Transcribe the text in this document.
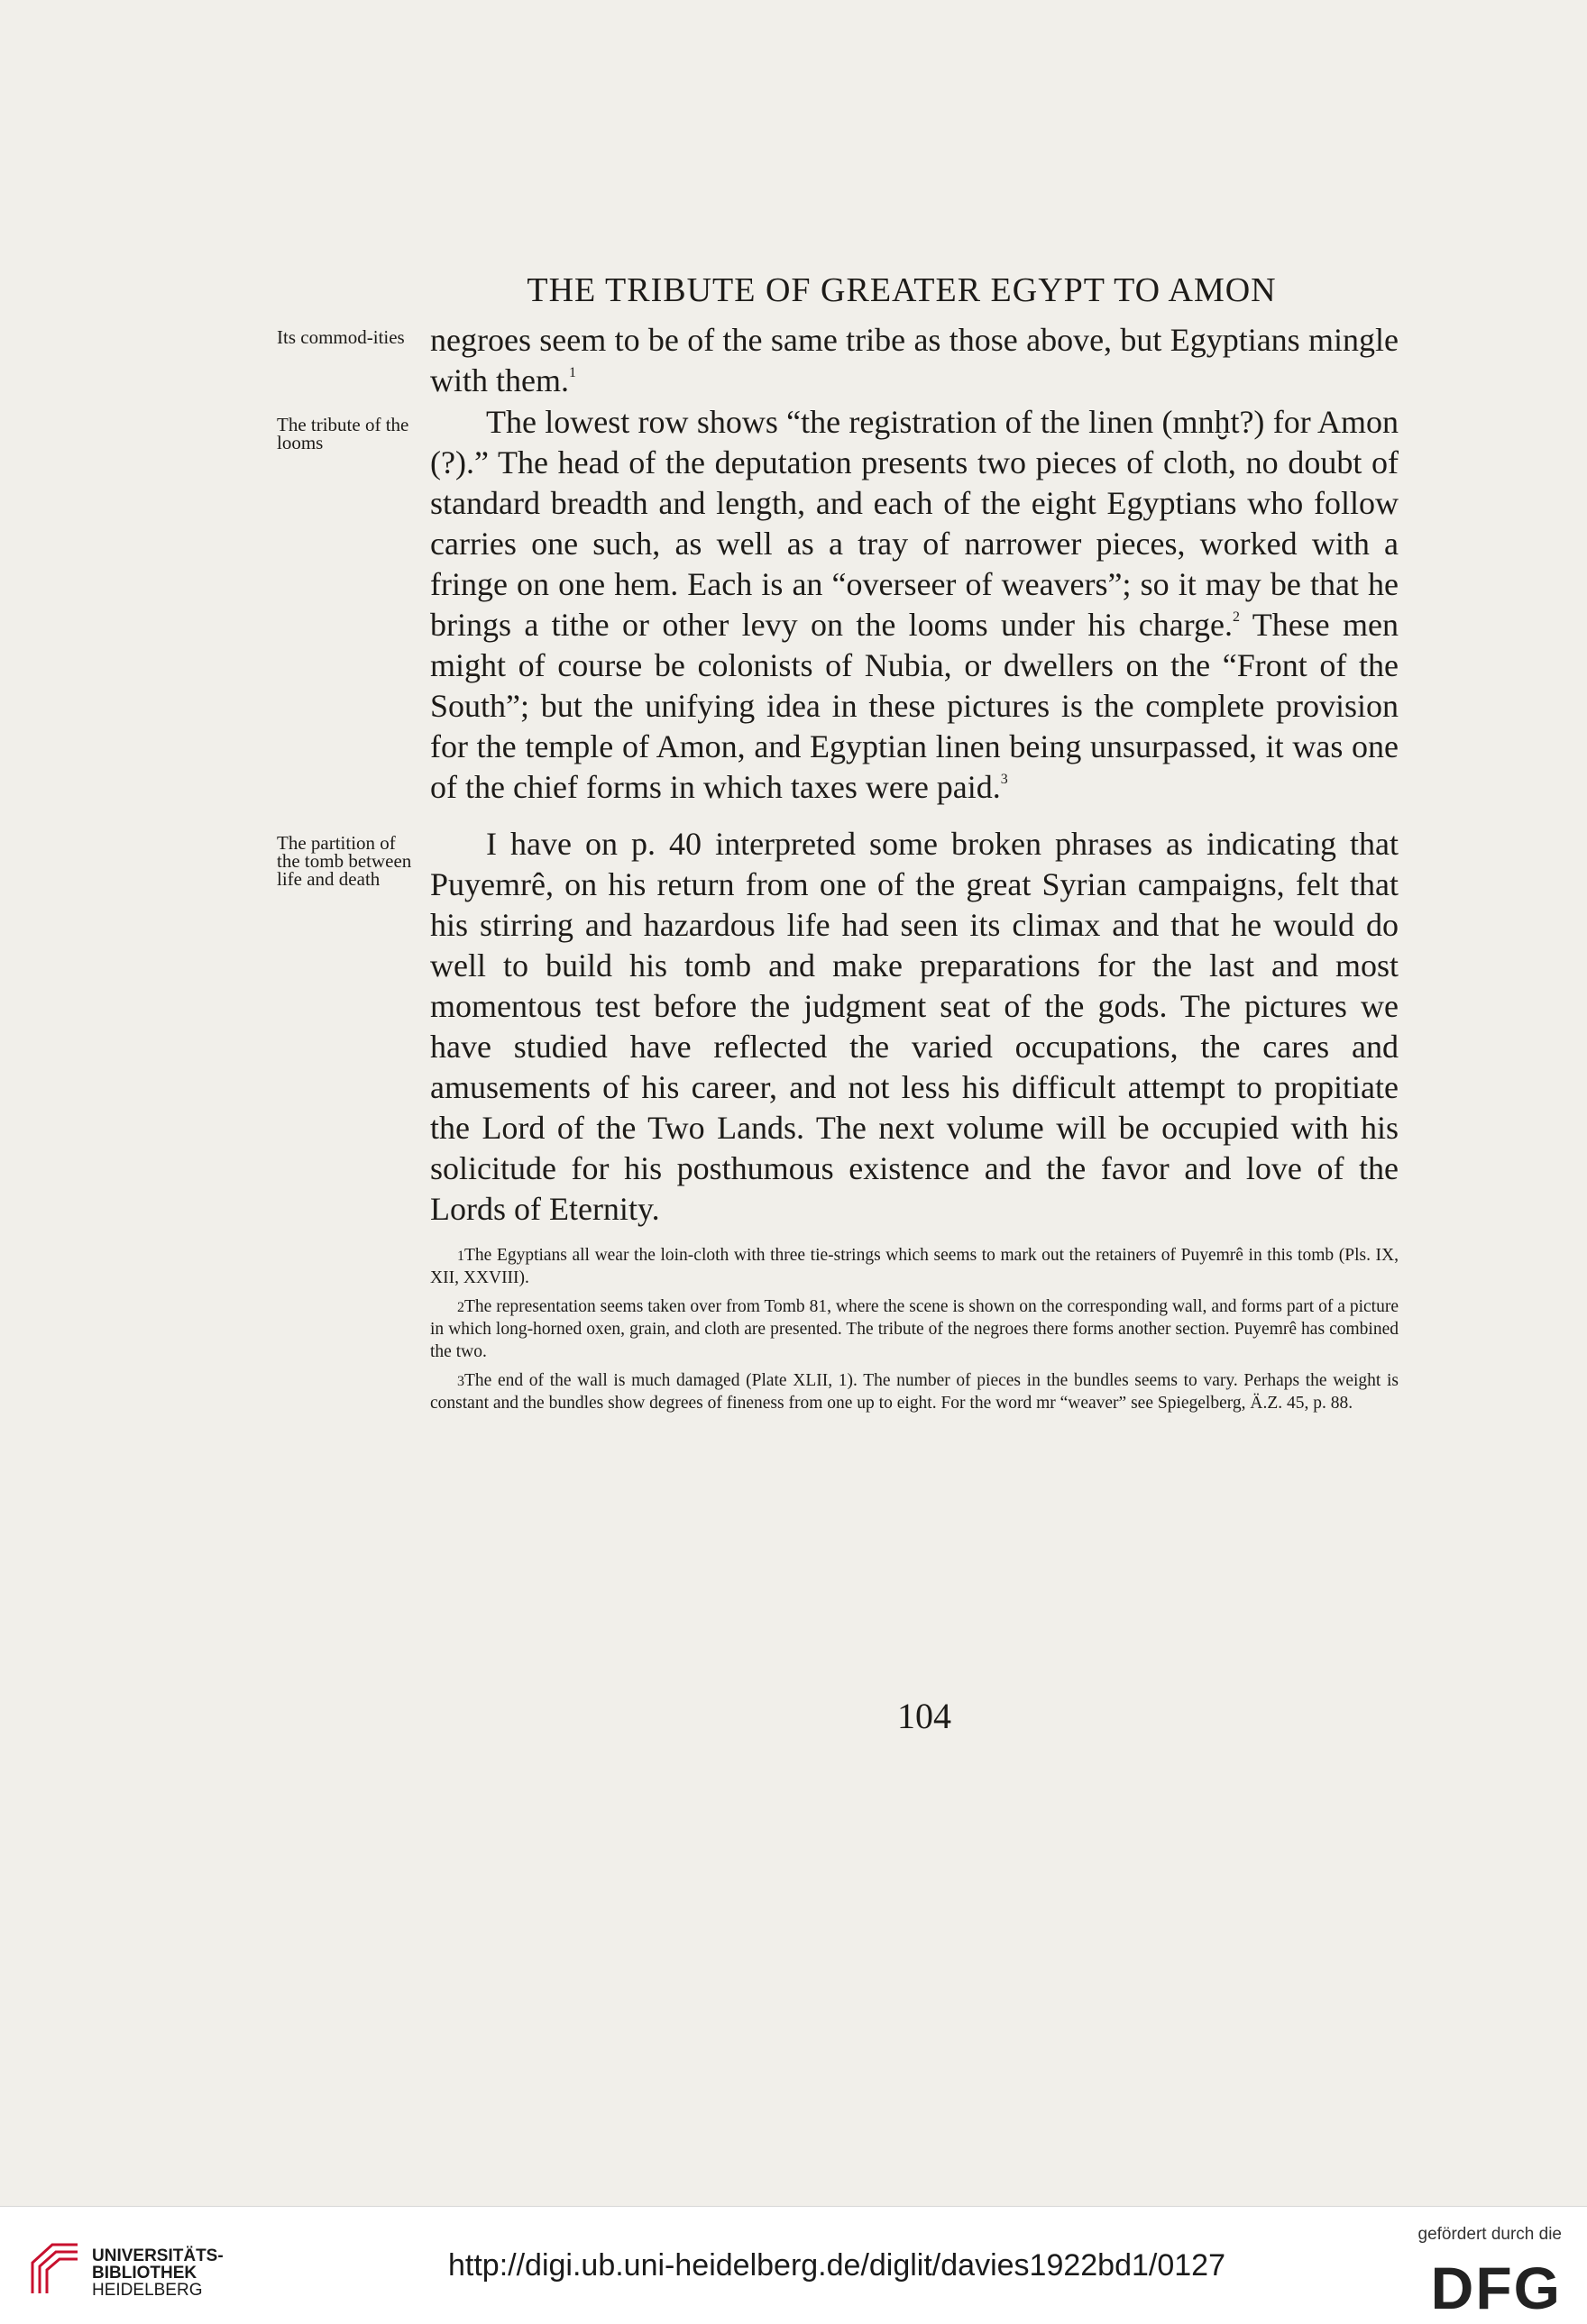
THE TRIBUTE OF GREATER EGYPT TO AMON
Its commod-ities
The tribute of the looms
The partition of the tomb between life and death

negroes seem to be of the same tribe as those above, but Egyptians mingle with them.$^1$

The lowest row shows “the registration of the linen (mnḫt?) for Amon (?).” The head of the deputation presents two pieces of cloth, no doubt of standard breadth and length, and each of the eight Egyptians who follow carries one such, as well as a tray of narrower pieces, worked with a fringe on one hem. Each is an “overseer of weavers”; so it may be that he brings a tithe or other levy on the looms under his charge.$^2$ These men might of course be colonists of Nubia, or dwellers on the “Front of the South”; but the unifying idea in these pictures is the complete provision for the temple of Amon, and Egyptian linen being unsurpassed, it was one of the chief forms in which taxes were paid.$^3$

I have on p. 40 interpreted some broken phrases as indicating that Puyemrê, on his return from one of the great Syrian campaigns, felt that his stirring and hazardous life had seen its climax and that he would do well to build his tomb and make preparations for the last and most momentous test before the judgment seat of the gods. The pictures we have studied have reflected the varied occupations, the cares and amusements of his career, and not less his difficult attempt to propitiate the Lord of the Two Lands. The next volume will be occupied with his solicitude for his posthumous existence and the favor and love of the Lords of Eternity.

$^1$The Egyptians all wear the loin-cloth with three tie-strings which seems to mark out the retainers of Puyemrê in this tomb (Pls. IX, XII, XXVIII).

$^2$The representation seems taken over from Tomb 81, where the scene is shown on the corresponding wall, and forms part of a picture in which long-horned oxen, grain, and cloth are presented. The tribute of the negroes there forms another section. Puyemrê has combined the two.

$^3$The end of the wall is much damaged (Plate XLII, 1). The number of pieces in the bundles seems to vary. Perhaps the weight is constant and the bundles show degrees of fineness from one up to eight. For the word mr “weaver” see Spiegelberg, Ä.Z. 45, p. 88.

104
UNIVERSITÄTS-
BIBLIOTHEK
HEIDELBERG
http://digi.ub.uni-heidelberg.de/diglit/davies1922bd1/0127
gefördert durch die
DFG
